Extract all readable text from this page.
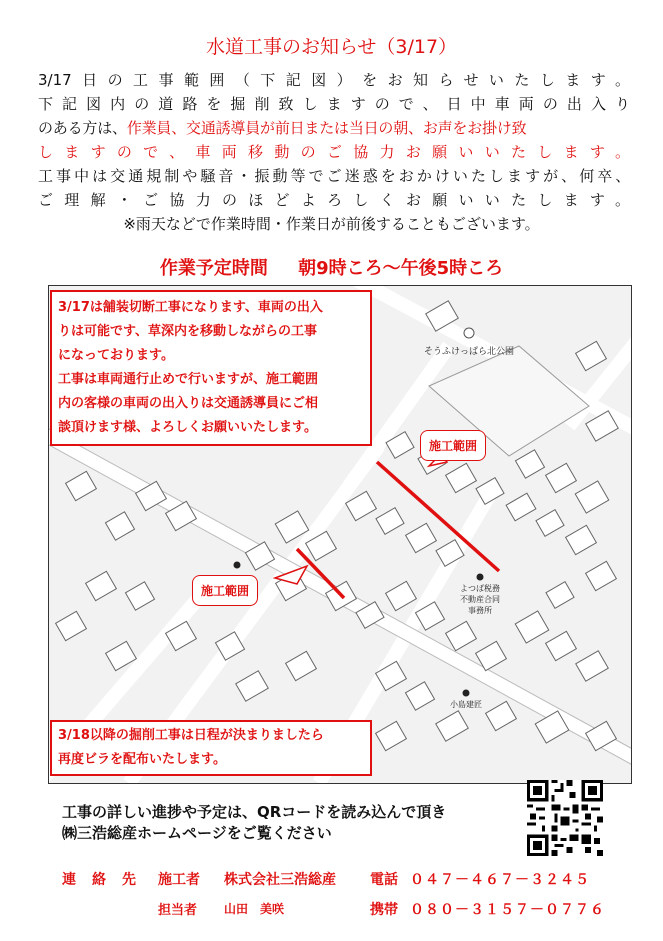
水道工事のお知らせ（3/17）
3/17日の工事範囲（下記図）をお知らせいたします。
下記図内の道路を掘削致しますので、日中車両の出入り
のある方は、作業員、交通誘導員が前日または当日の朝、お声をお掛け致
しますので、車両移動のご協力お願いいたします。
工事中は交通規制や騒音・振動等でご迷惑をおかけいたしますが、何卒、
ご理解・ご協力のほどよろしくお願いいたします。
※雨天などで作業時間・作業日が前後することもございます。
作業予定時間 朝9時ころ～午後5時ころ
そうふけっぱら北公園
よつば税務
不動産合同
事務所
小島建匠
施工範囲
施工範囲
3/17は舗装切断工事になります、車両の出入
りは可能です、草深内を移動しながらの工事
になっております。
工事は車両通行止めで行いますが、施工範囲
内の客様の車両の出入りは交通誘導員にご相
談頂けます様、よろしくお願いいたします。
3/18以降の掘削工事は日程が決まりましたら
再度ビラを配布いたします。
工事の詳しい進捗や予定は、QRコードを読み込んで頂き
㈱三浩総産ホームページをご覧ください
連　絡　先 施工者 株式会社三浩総産 電話 ０４７－４６７－３２４５
担当者 山田　美咲	携帯 ０８０－３１５７－０７７６
